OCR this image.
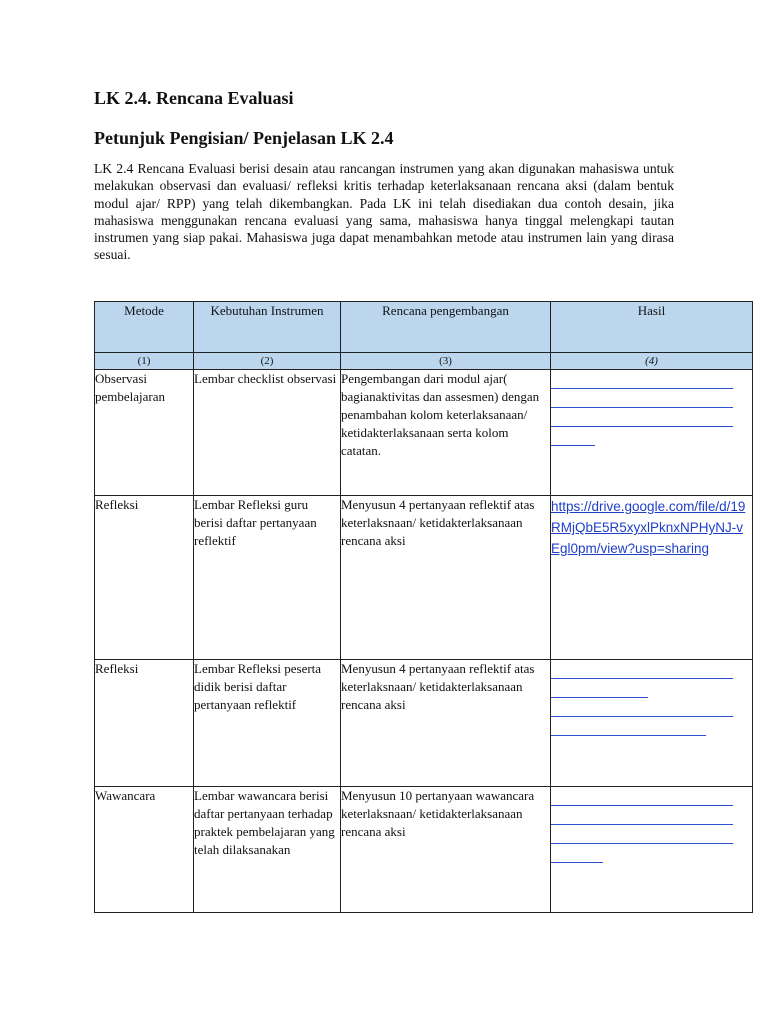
LK 2.4. Rencana Evaluasi
Petunjuk Pengisian/ Penjelasan LK 2.4

LK 2.4 Rencana Evaluasi berisi desain atau rancangan instrumen yang akan digunakan mahasiswa untuk melakukan observasi dan evaluasi/ refleksi kritis terhadap keterlaksanaan rencana aksi (dalam bentuk modul ajar/ RPP) yang telah dikembangkan. Pada LK ini telah disediakan dua contoh desain, jika mahasiswa menggunakan rencana evaluasi yang sama, mahasiswa hanya tinggal melengkapi tautan instrumen yang siap pakai. Mahasiswa juga dapat menambahkan metode atau instrumen lain yang dirasa sesuai.

Metode	Kebutuhan Instrumen	Rencana pengembangan	Hasil
(1)	(2)	(3)	(4)
Observasi pembelajaran	Lembar checklist observasi	Pengembangan dari modul ajar( bagianaktivitas dan assesmen) dengan penambahan kolom keterlaksanaan/ ketidakterlaksanaan serta kolom catatan.	

Refleksi	Lembar Refleksi guru berisi daftar pertanyaan reflektif	Menyusun 4 pertanyaan reflektif atas keterlaksnaan/ ketidakterlaksanaan rencana aksi	https://drive.google.com/file/d/19RMjQbE5R5xyxlPknxNPHyNJ-vEgl0pm/view?usp=sharing
Refleksi	Lembar Refleksi peserta didik berisi daftar pertanyaan reflektif	Menyusun 4 pertanyaan reflektif atas keterlaksnaan/ ketidakterlaksanaan rencana aksi	

Wawancara	Lembar wawancara berisi daftar pertanyaan terhadap praktek pembelajaran yang telah dilaksanakan	Menyusun 10 pertanyaan wawancara keterlaksnaan/ ketidakterlaksanaan rencana aksi	
